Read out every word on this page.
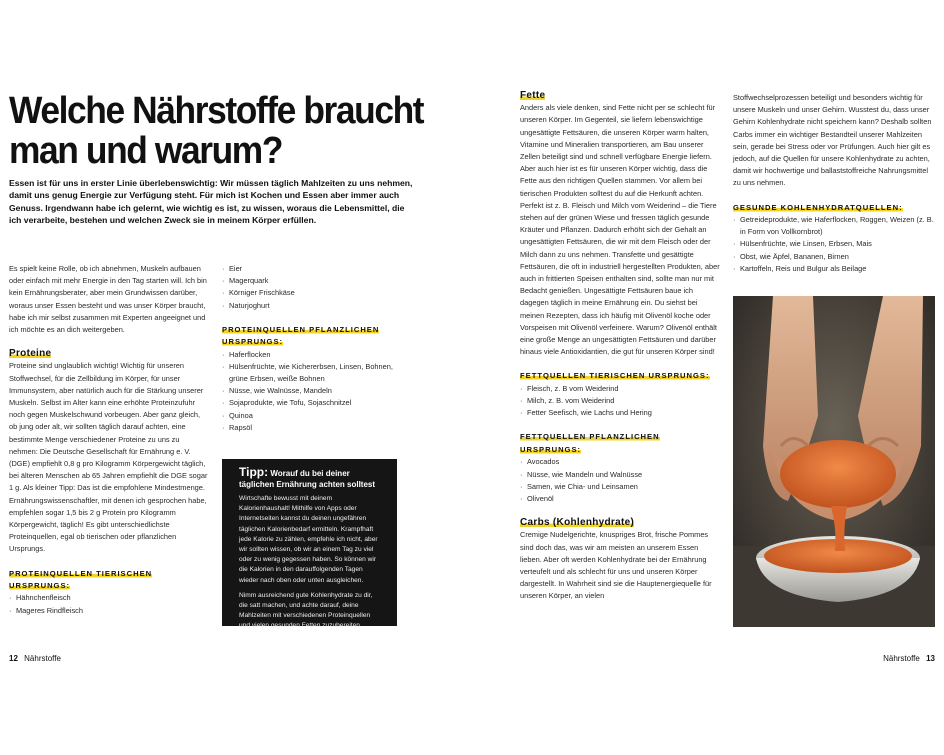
Welche Nährstoffe braucht man und warum?
Essen ist für uns in erster Linie überlebenswichtig: Wir müssen täglich Mahlzeiten zu uns nehmen, damit uns genug Energie zur Verfügung steht. Für mich ist Kochen und Essen aber immer auch Genuss. Irgendwann habe ich gelernt, wie wichtig es ist, zu wissen, woraus die Lebensmittel, die ich verarbeite, bestehen und welchen Zweck sie in meinem Körper erfüllen.

Es spielt keine Rolle, ob ich abnehmen, Muskeln aufbauen oder einfach mit mehr Energie in den Tag starten will. Ich bin kein Ernährungsberater, aber mein Grundwissen darüber, woraus unser Essen besteht und was unser Körper braucht, habe ich mir selbst zusammen mit Experten angeeignet und ich möchte es an dich weitergeben.

Proteine

Proteine sind unglaublich wichtig! Wichtig für unseren Stoffwechsel, für die Zellbildung im Körper, für unser Immunsystem, aber natürlich auch für die Stärkung unserer Muskeln. Selbst im Alter kann eine erhöhte Proteinzufuhr noch gegen Muskelschwund vorbeugen. Aber ganz gleich, ob jung oder alt, wir sollten täglich darauf achten, eine bestimmte Menge verschiedener Proteine zu uns zu nehmen: Die Deutsche Gesellschaft für Ernährung e. V. (DGE) empfiehlt 0,8 g pro Kilogramm Körpergewicht täglich, bei älteren Menschen ab 65 Jahren empfiehlt die DGE sogar 1 g. Als kleiner Tipp: Das ist die empfohlene Mindestmenge. Ernährungswissenschaftler, mit denen ich gesprochen habe, empfehlen sogar 1,5 bis 2 g Protein pro Kilogramm Körpergewicht, täglich! Es gibt unterschiedlichste Proteinquellen, egal ob tierischen oder pflanzlichen Ursprungs.

PROTEINQUELLEN TIERISCHEN URSPRUNGS:

· Hähnchenfleisch
· Mageres Rindfleisch
· Eier
· Magerquark
· Körniger Frischkäse
· Naturjoghurt

PROTEINQUELLEN PFLANZLICHEN URSPRUNGS:

· Haferflocken
· Hülsenfrüchte, wie Kichererbsen, Linsen, Bohnen, grüne Erbsen, weiße Bohnen
· Nüsse, wie Walnüsse, Mandeln
· Sojaprodukte, wie Tofu, Sojaschnitzel
· Quinoa
· Rapsöl
Tipp: Worauf du bei deiner täglichen Ernährung achten solltest

Wirtschafte bewusst mit deinem Kalorienhaushalt! Mithilfe von Apps oder Internetseiten kannst du deinen ungefähren täglichen Kalorienbedarf ermitteln. Krampfhaft jede Kalorie zu zählen, empfehle ich nicht, aber wir sollten wissen, ob wir an einem Tag zu viel oder zu wenig gegessen haben. So können wir die Kalorien in den darauffolgenden Tagen wieder nach oben oder unten ausgleichen.

Nimm ausreichend gute Kohlenhydrate zu dir, die satt machen, und achte darauf, deine Mahlzeiten mit verschiedenen Proteinquellen und vielen gesunden Fetten zuzubereiten.

Fette

Anders als viele denken, sind Fette nicht per se schlecht für unseren Körper. Im Gegenteil, sie liefern lebenswichtige ungesättigte Fettsäuren, die unseren Körper warm halten, Vitamine und Mineralien transportieren, am Bau unserer Zellen beteiligt sind und schnell verfügbare Energie liefern. Aber auch hier ist es für unseren Körper wichtig, dass die Fette aus den richtigen Quellen stammen. Vor allem bei tierischen Produkten solltest du auf die Herkunft achten. Perfekt ist z. B. Fleisch und Milch vom Weiderind – die Tiere stehen auf der grünen Wiese und fressen täglich gesunde Kräuter und Pflanzen. Dadurch erhöht sich der Gehalt an ungesättigten Fettsäuren, die wir mit dem Fleisch oder der Milch dann zu uns nehmen. Transfette und gesättigte Fettsäuren, die oft in industriell hergestellten Produkten, aber auch in frittierten Speisen enthalten sind, sollte man nur mit Bedacht genießen. Ungesättigte Fettsäuren baue ich dagegen täglich in meine Ernährung ein. Du siehst bei meinen Rezepten, dass ich häufig mit Olivenöl koche oder Vorspeisen mit Olivenöl verfeinere. Warum? Olivenöl enthält eine große Menge an ungesättigten Fettsäuren und darüber hinaus viele Antioxidantien, die gut für unseren Körper sind!

FETTQUELLEN TIERISCHEN URSPRUNGS:

· Fleisch, z. B vom Weiderind
· Milch, z. B. vom Weiderind
· Fetter Seefisch, wie Lachs und Hering

FETTQUELLEN PFLANZLICHEN URSPRUNGS:

· Avocados
· Nüsse, wie Mandeln und Walnüsse
· Samen, wie Chia- und Leinsamen
· Olivenöl

Carbs (Kohlenhydrate)

Cremige Nudelgerichte, knuspriges Brot, frische Pommes sind doch das, was wir am meisten an unserem Essen lieben. Aber oft werden Kohlenhydrate bei der Ernährung verteufelt und als schlecht für uns und unseren Körper dargestellt. In Wahrheit sind sie die Hauptenergiequelle für unseren Körper, an vielen

Stoffwechselprozessen beteiligt und besonders wichtig für unsere Muskeln und unser Gehirn. Wusstest du, dass unser Gehirn Kohlenhydrate nicht speichern kann? Deshalb sollten Carbs immer ein wichtiger Bestandteil unserer Mahlzeiten sein, gerade bei Stress oder vor Prüfungen. Auch hier gilt es jedoch, auf die Quellen für unsere Kohlenhydrate zu achten, damit wir hochwertige und ballaststoffreiche Nahrungsmittel zu uns nehmen.

GESUNDE KOHLENHYDRATQUELLEN:

· Getreideprodukte, wie Haferflocken, Roggen, Weizen (z. B. in Form von Vollkornbrot)
· Hülsenfrüchte, wie Linsen, Erbsen, Mais
· Obst, wie Äpfel, Bananen, Birnen
· Kartoffeln, Reis und Bulgur als Beilage
12 Nährstoffe	Nährstoffe 13
